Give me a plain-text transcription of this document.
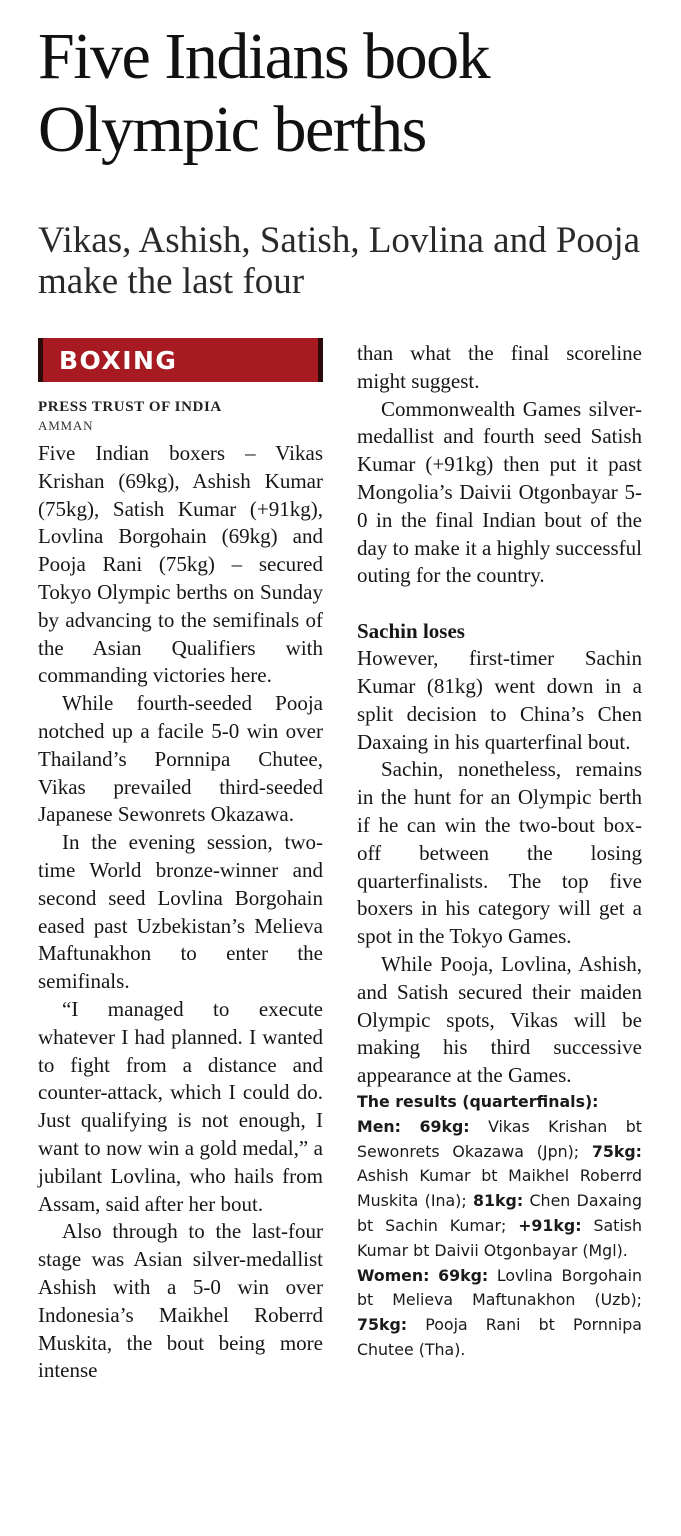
Five Indians book Olympic berths
Vikas, Ashish, Satish, Lovlina and Pooja make the last four
BOXING
PRESS TRUST OF INDIA
AMMAN

Five Indian boxers – Vikas Krishan (69kg), Ashish Kumar (75kg), Satish Kumar (+91kg), Lovlina Borgohain (69kg) and Pooja Rani (75kg) – secured Tokyo Olympic berths on Sunday by advancing to the semifinals of the Asian Qualifiers with commanding victories here.

While fourth-seeded Pooja notched up a facile 5-0 win over Thailand’s Pornnipa Chutee, Vikas prevailed third-seeded Japanese Sewonrets Okazawa.

In the evening session, two-time World bronze-winner and second seed Lovlina Borgohain eased past Uzbekistan’s Melieva Maftunakhon to enter the semifinals.

“I managed to execute whatever I had planned. I wanted to fight from a distance and counter-attack, which I could do. Just qualifying is not enough, I want to now win a gold medal,” a jubilant Lovlina, who hails from Assam, said after her bout.

Also through to the last-four stage was Asian silver-medallist Ashish with a 5-0 win over Indonesia’s Maikhel Roberrd Muskita, the bout being more intense

than what the final scoreline might suggest.

Commonwealth Games silver-medallist and fourth seed Satish Kumar (+91kg) then put it past Mongolia’s Daivii Otgonbayar 5-0 in the final Indian bout of the day to make it a highly successful outing for the country.

Sachin loses

However, first-timer Sachin Kumar (81kg) went down in a split decision to China’s Chen Daxaing in his quarterfinal bout.

Sachin, nonetheless, remains in the hunt for an Olympic berth if he can win the two-bout box-off between the losing quarterfinalists. The top five boxers in his category will get a spot in the Tokyo Games.

While Pooja, Lovlina, Ashish, and Satish secured their maiden Olympic spots, Vikas will be making his third successive appearance at the Games.

The results (quarterfinals):
Men: 69kg: Vikas Krishan bt Sewonrets Okazawa (Jpn); 75kg: Ashish Kumar bt Maikhel Roberrd Muskita (Ina); 81kg: Chen Daxaing bt Sachin Kumar; +91kg: Satish Kumar bt Daivii Otgonbayar (Mgl).
Women: 69kg: Lovlina Borgohain bt Melieva Maftunakhon (Uzb); 75kg: Pooja Rani bt Pornnipa Chutee (Tha).
